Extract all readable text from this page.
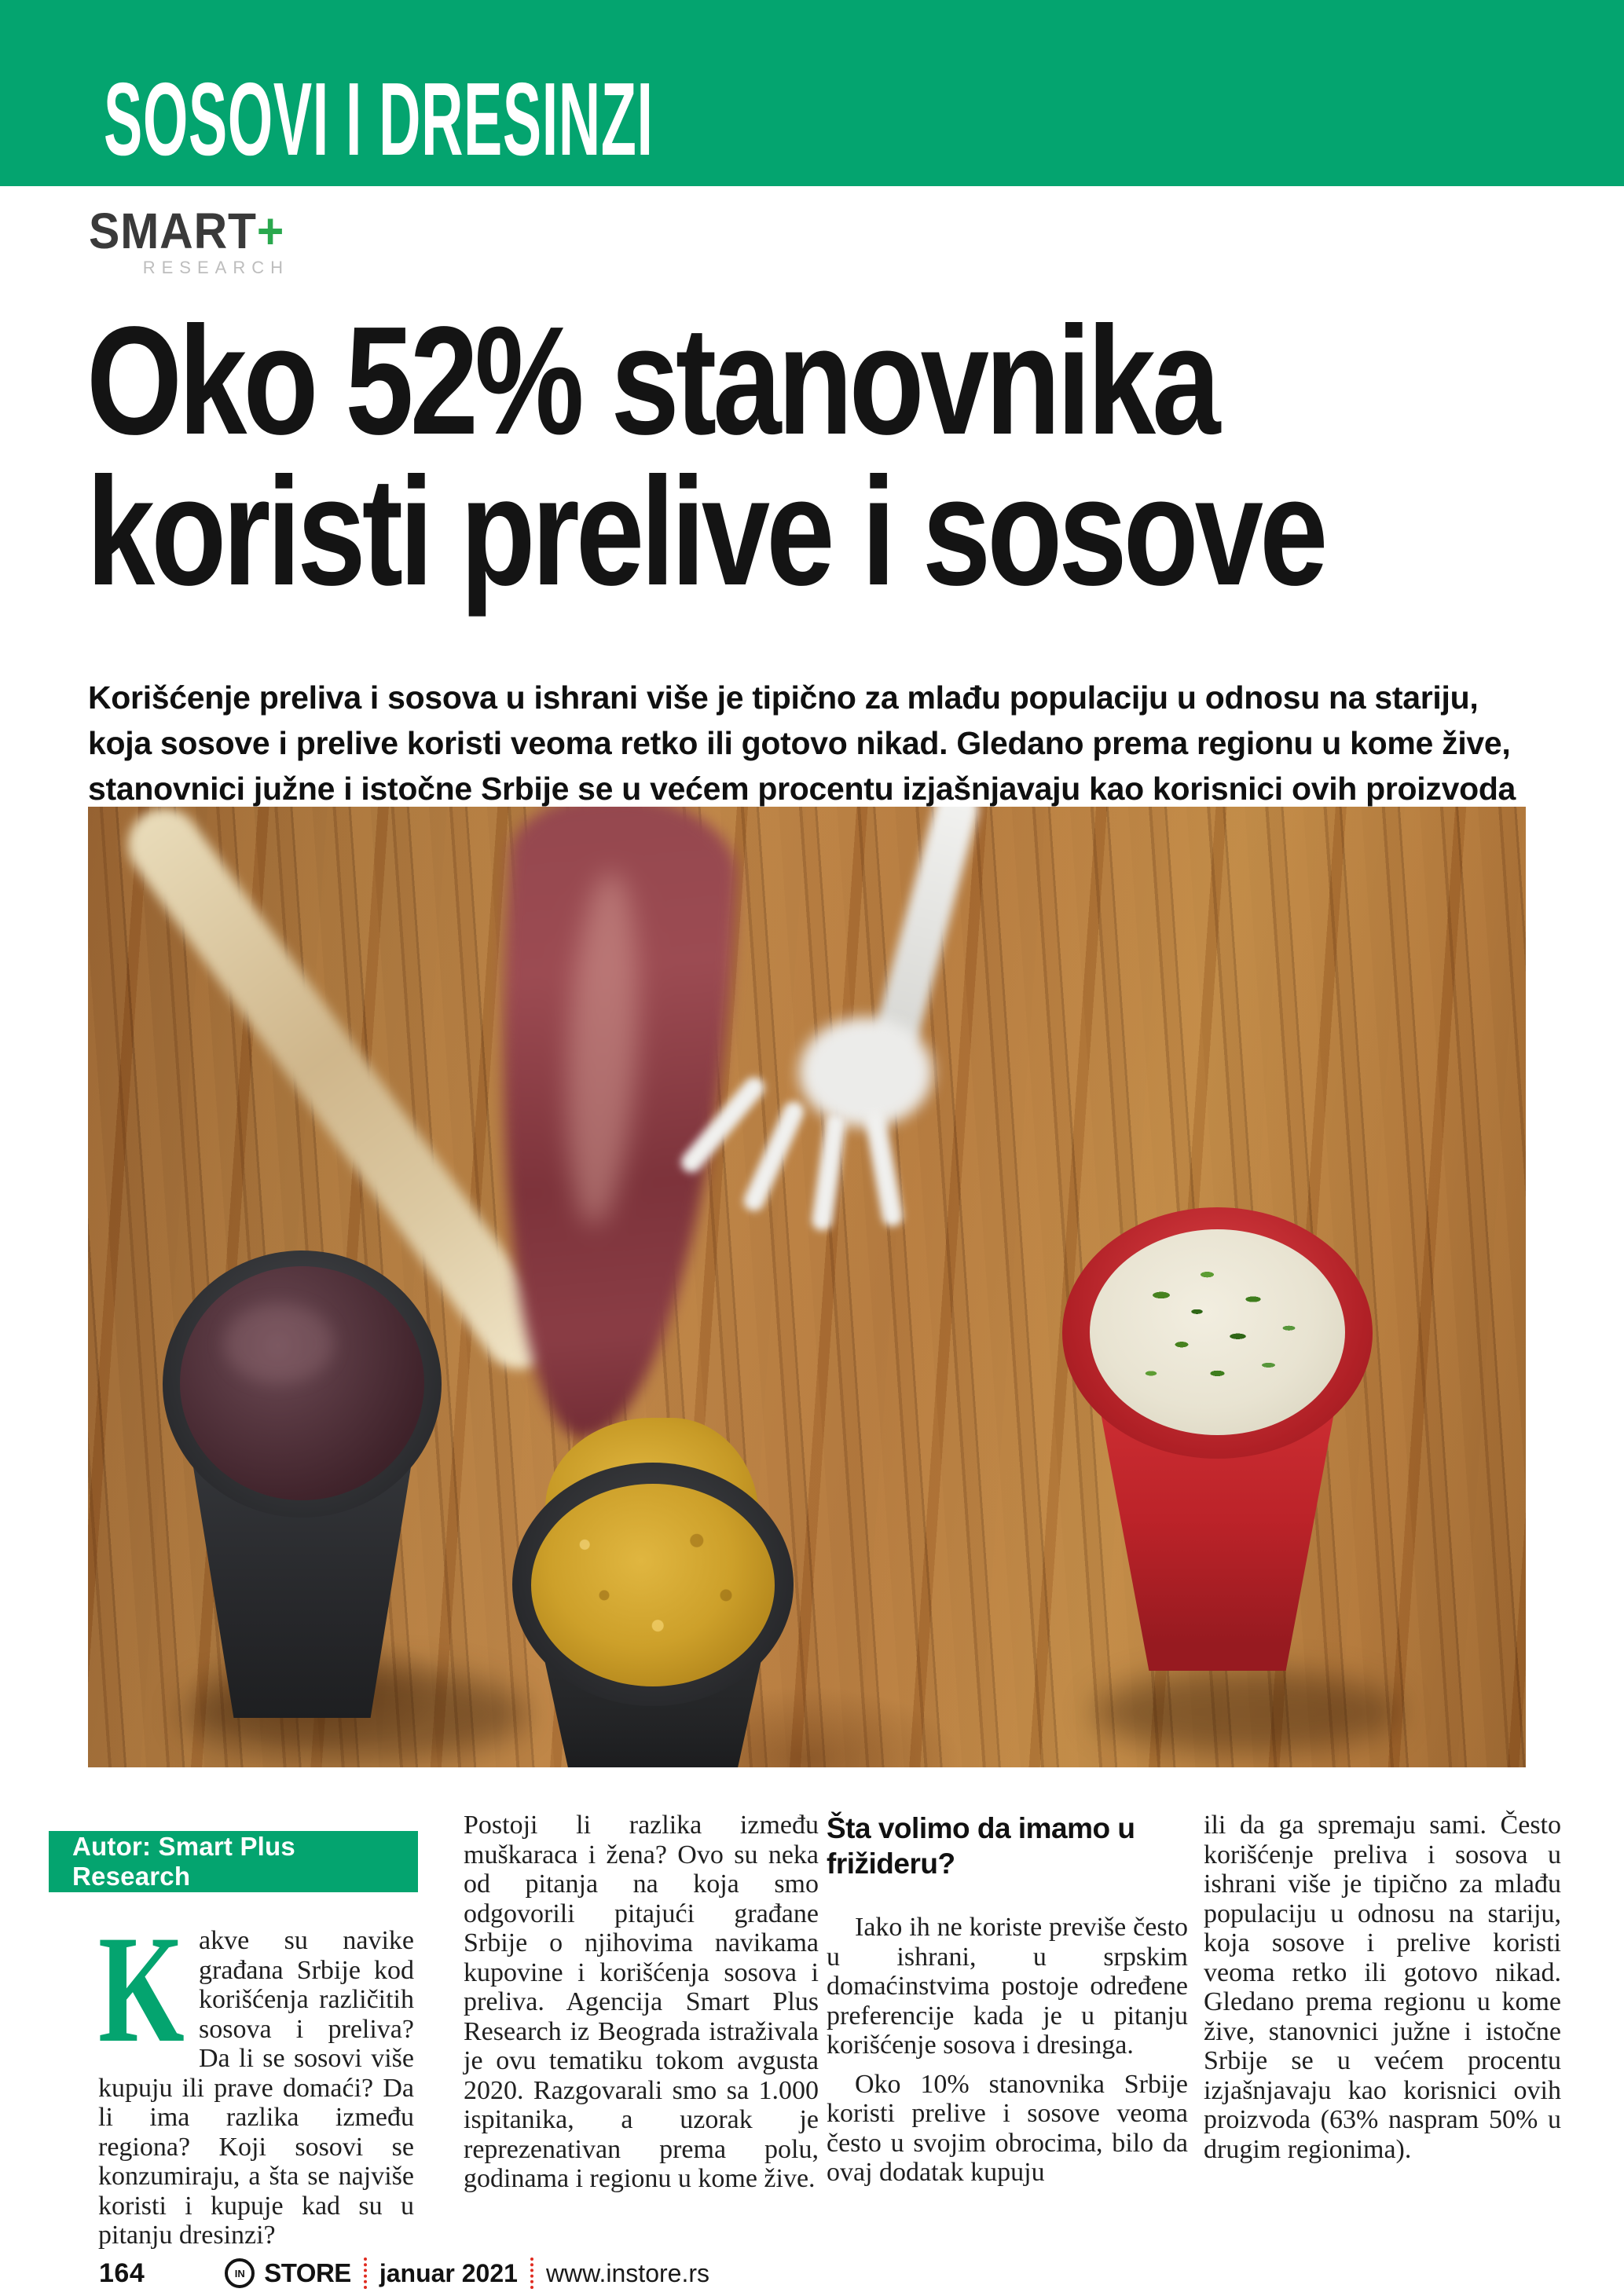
SOSOVI I DRESINZI
SMART+
RESEARCH
Oko 52% stanovnika
koristi prelive i sosove

Korišćenje preliva i sosova u ishrani više je tipično za mlađu populaciju u odnosu na stariju, koja sosove i prelive koristi veoma retko ili gotovo nikad. Gledano prema regionu u kome žive, stanovnici južne i istočne Srbije se u većem procentu izjašnjavaju kao korisnici ovih proizvoda

Autor: Smart Plus Research

Kakve su navike građana Srbije kod korišćenja različitih sosova i preliva? Da li se sosovi više kupuju ili prave domaći? Da li ima razlika između regiona? Koji sosovi se konzumiraju, a šta se najviše koristi i kupuje kad su u pitanju dresinzi?

Postoji li razlika između muškaraca i žena? Ovo su neka od pitanja na koja smo odgovorili pitajući građane Srbije o njihovima navikama kupovine i korišćenja sosova i preliva. Agencija Smart Plus Research iz Beograda istraživala je ovu tematiku tokom avgusta 2020. Razgovarali smo sa 1.000 ispitanika, a uzorak je reprezenativan prema polu, godinama i regionu u kome žive.

Šta volimo da imamo u frižideru?

Iako ih ne koriste previše često u ishrani, u srpskim domaćinstvima postoje određene preferencije kada je u pitanju korišćenje sosova i dresinga.

Oko 10% stanovnika Srbije koristi prelive i sosove veoma često u svojim obrocima, bilo da ovaj dodatak kupuju

ili da ga spremaju sami. Često korišćenje preliva i sosova u ishrani više je tipično za mlađu populaciju u odnosu na stariju, koja sosove i prelive koristi veoma retko ili gotovo nikad. Gledano prema regionu u kome žive, stanovnici južne i istočne Srbije se u većem procentu izjašnjavaju kao korisnici ovih proizvoda (63% naspram 50% u drugim regionima).

164	IN STORE januar 2021 www.instore.rs
